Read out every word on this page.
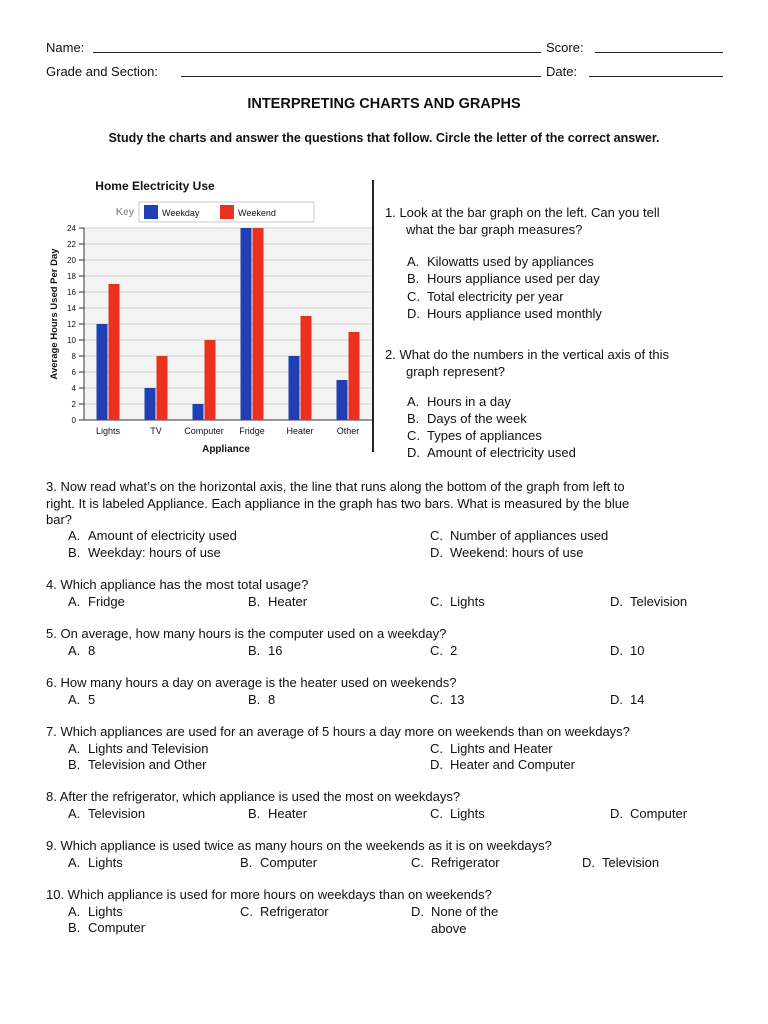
Name:	Score:
Grade and Section:	Date:
INTERPRETING CHARTS AND GRAPHS
Study the charts and answer the questions that follow. Circle the letter of the correct answer.
0
2
4
6
8
10
12
14
16
18
20
22
24
Lights	TV Computer Fridge Heater	Other
Home Electricity Use
Key	Weekday	Weekend
Appliance
Average Hours Used Per Day
1. Look at the bar graph on the left. Can you tell
what the bar graph measures?
A. Kilowatts used by appliances
B. Hours appliance used per day
C. Total electricity per year
D. Hours appliance used monthly
2. What do the numbers in the vertical axis of this
graph represent?
A. Hours in a day
B. Days of the week
C. Types of appliances
D. Amount of electricity used
3. Now read what’s on the horizontal axis, the line that runs along the bottom of the graph from left to
right. It is labeled Appliance. Each appliance in the graph has two bars. What is measured by the blue
bar?
A. Amount of electricity used
B. Weekday: hours of use
C. Number of appliances used
D. Weekend: hours of use
4. Which appliance has the most total usage?
A. Fridge	B. Heater	C. Lights	D. Television
5. On average, how many hours is the computer used on a weekday?
A. 8	B. 16	C. 2	D. 10
6. How many hours a day on average is the heater used on weekends?
A. 5	B. 8	C. 13	D. 14
7. Which appliances are used for an average of 5 hours a day more on weekends than on weekdays?
A. Lights and Television
B. Television and Other
C. Lights and Heater
D. Heater and Computer
8. After the refrigerator, which appliance is used the most on weekdays?
A. Television	B. Heater	C. Lights	D. Computer
9. Which appliance is used twice as many hours on the weekends as it is on weekdays?
A. Lights	B. Computer	C. Refrigerator	D. Television
10. Which appliance is used for more hours on weekdays than on weekends?
A. Lights
B. Computer
C. Refrigerator	D. None of the
above
